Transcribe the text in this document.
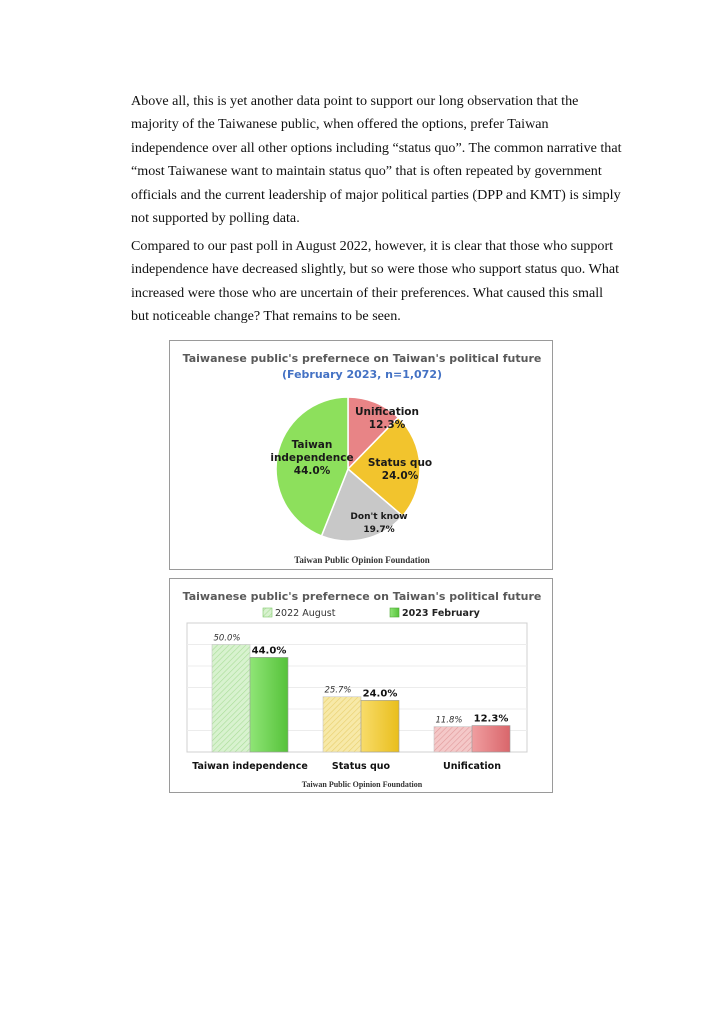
Above all, this is yet another data point to support our long observation that the majority of the Taiwanese public, when offered the options, prefer Taiwan independence over all other options including “status quo”. The common narrative that “most Taiwanese want to maintain status quo” that is often repeated by government officials and the current leadership of major political parties (DPP and KMT) is simply not supported by polling data.

Compared to our past poll in August 2022, however, it is clear that those who support independence have decreased slightly, but so were those who support status quo. What increased were those who are uncertain of their preferences. What caused this small but noticeable change? That remains to be seen.

Taiwanese public's prefernece on Taiwan's political future
(February 2023, n=1,072)
Unification
12.3%
Status quo
24.0%
Don't know
19.7%
Taiwan
independence
44.0%
Taiwan Public Opinion Foundation
Taiwanese public's prefernece on Taiwan's political future
2022 August	2023 February
50.0%
44.0%
25.7% 24.0%
11.8% 12.3%
Taiwan independence	Status quo	Unification
Taiwan Public Opinion Foundation
